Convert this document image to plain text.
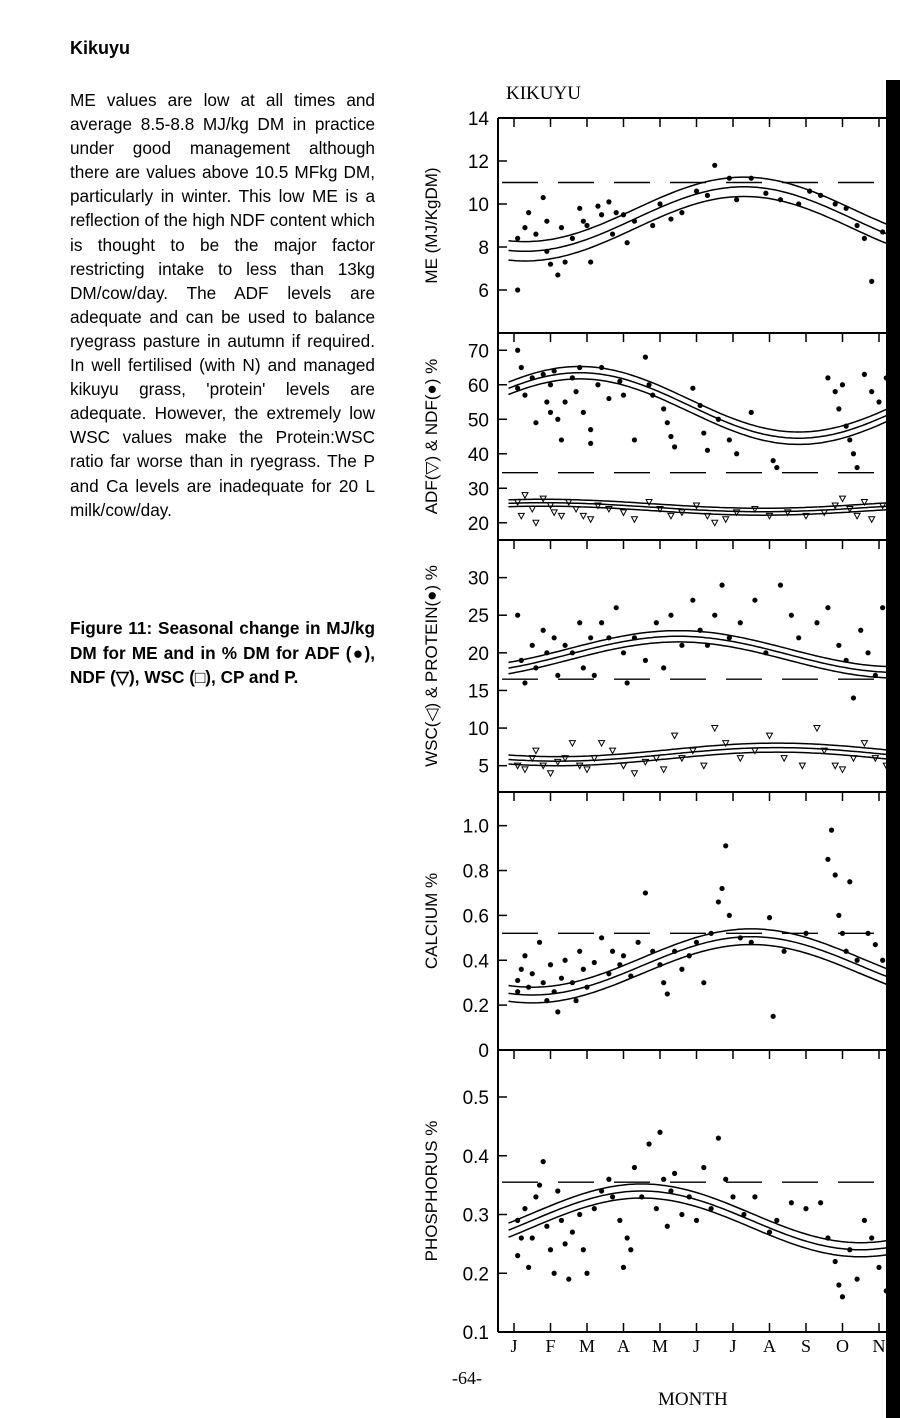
Kikuyu
ME values are low at all times and average 8.5-8.8 MJ/kg DM in practice under good management although there are values above 10.5 MFkg DM, particularly in winter. This low ME is a reflection of the high NDF content which is thought to be the major factor restricting intake to less than 13kg DM/cow/day. The ADF levels are adequate and can be used to balance ryegrass pasture in autumn if required. In well fertilised (with N) and managed kikuyu grass, 'protein' levels are adequate. However, the extremely low WSC values make the Protein:WSC ratio far worse than in ryegrass. The P and Ca levels are inadequate for 20 L milk/cow/day.
Figure 11: Seasonal change in MJ/kg DM for ME and in % DM for ADF (●), NDF (▽), WSC (□), CP and P.
-64-
KIKUYU
MONTH
J F M A M J J A S O N
6
8
10
12
14
ME (MJ/KgDM)
20
30
40
50
60
70
ADF(▽) & NDF(●) %
5
10
15
20
25
30
WSC(◁) & PROTEIN(●) %
0
0.2
0.4
0.6
0.8
1.0
CALCIUM %
0.1
0.2
0.3
0.4
0.5
PHOSPHORUS %
